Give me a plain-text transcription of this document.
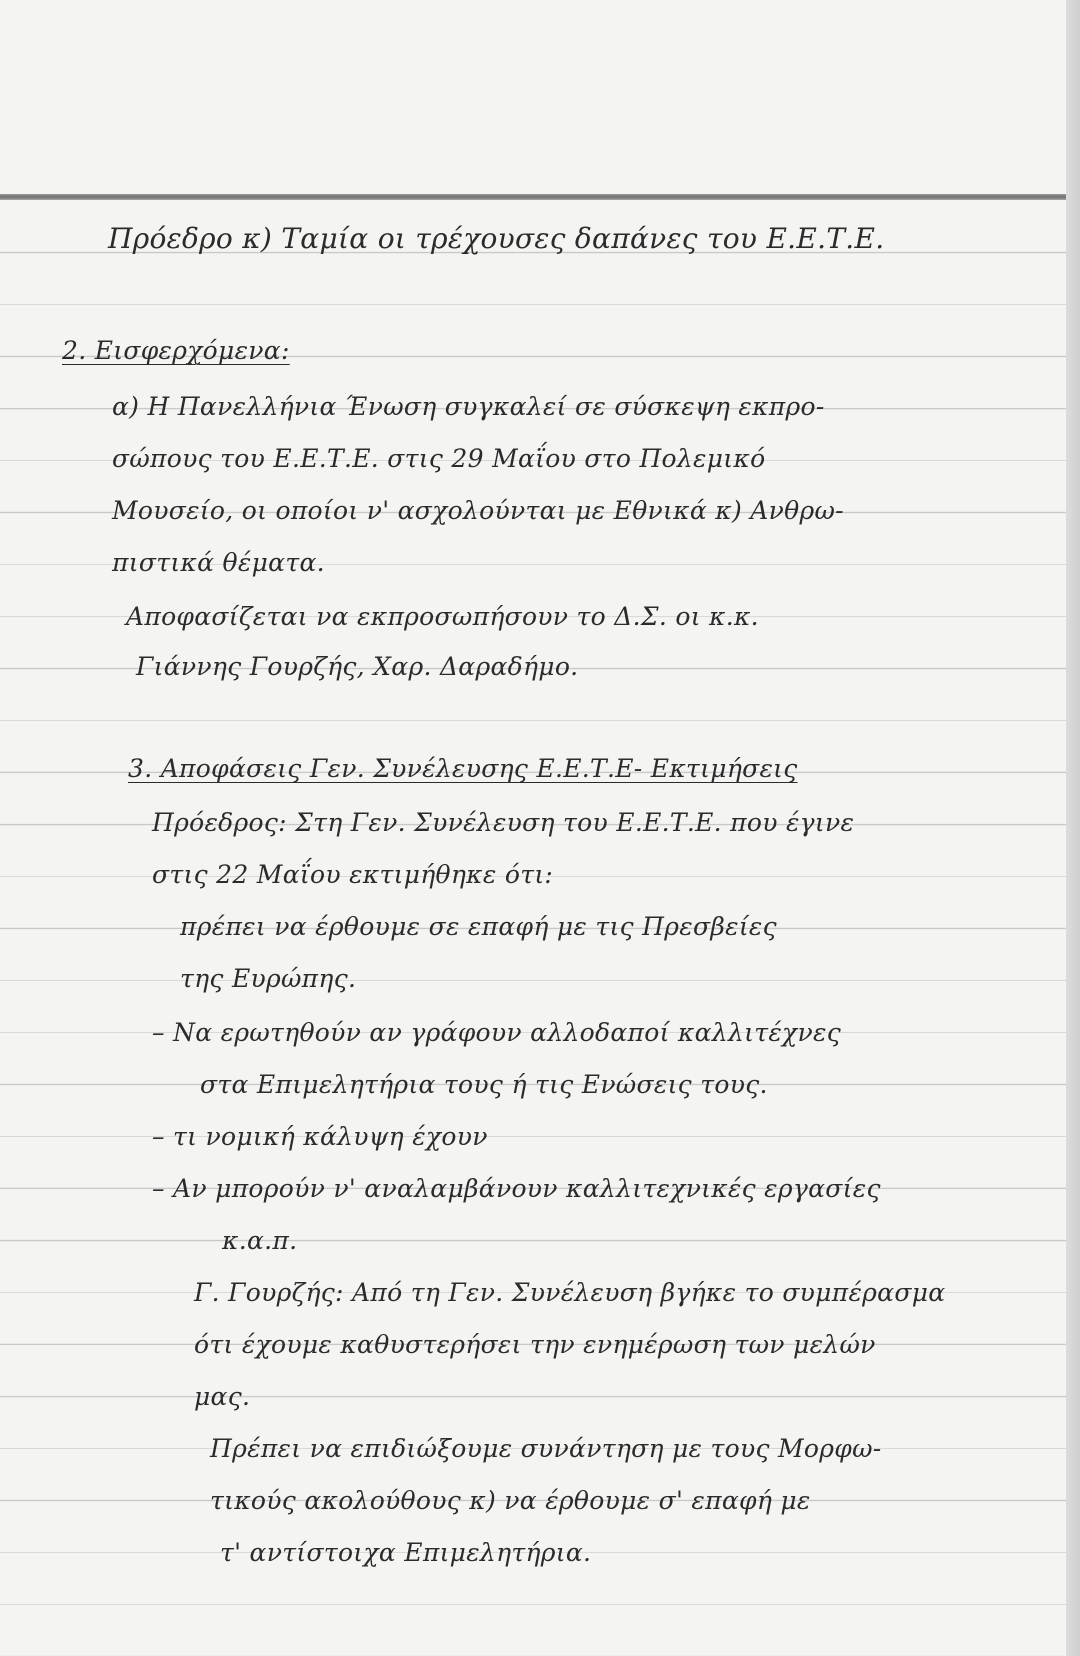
Πρόεδρο κ) Ταμία οι τρέχουσες δαπάνες του Ε.Ε.Τ.Ε.
2. Εισφερχόμενα:
α) Η Πανελλήνια Ένωση συγκαλεί σε σύσκεψη εκπρο-
σώπους του Ε.Ε.Τ.Ε. στις 29 Μαΐου στο Πολεμικό
Μουσείο, οι οποίοι ν' ασχολούνται με Εθνικά κ) Ανθρω-
πιστικά θέματα.
Αποφασίζεται να εκπροσωπήσουν το Δ.Σ. οι κ.κ.
Γιάννης Γουρζής, Χαρ. Δαραδήμο.
3. Αποφάσεις Γεν. Συνέλευσης Ε.Ε.Τ.Ε- Εκτιμήσεις
Πρόεδρος: Στη Γεν. Συνέλευση του Ε.Ε.Τ.Ε. που έγινε
στις 22 Μαΐου εκτιμήθηκε ότι:
πρέπει να έρθουμε σε επαφή με τις Πρεσβείες
της Ευρώπης.
– Να ερωτηθούν αν γράφουν αλλοδαποί καλλιτέχνες
στα Επιμελητήρια τους ή τις Ενώσεις τους.
– τι νομική κάλυψη έχουν
– Αν μπορούν ν' αναλαμβάνουν καλλιτεχνικές εργασίες
κ.α.π.
Γ. Γουρζής: Από τη Γεν. Συνέλευση βγήκε το συμπέρασμα
ότι έχουμε καθυστερήσει την ενημέρωση των μελών
μας.
Πρέπει να επιδιώξουμε συνάντηση με τους Μορφω-
τικούς ακολούθους κ) να έρθουμε σ' επαφή με
τ' αντίστοιχα Επιμελητήρια.
